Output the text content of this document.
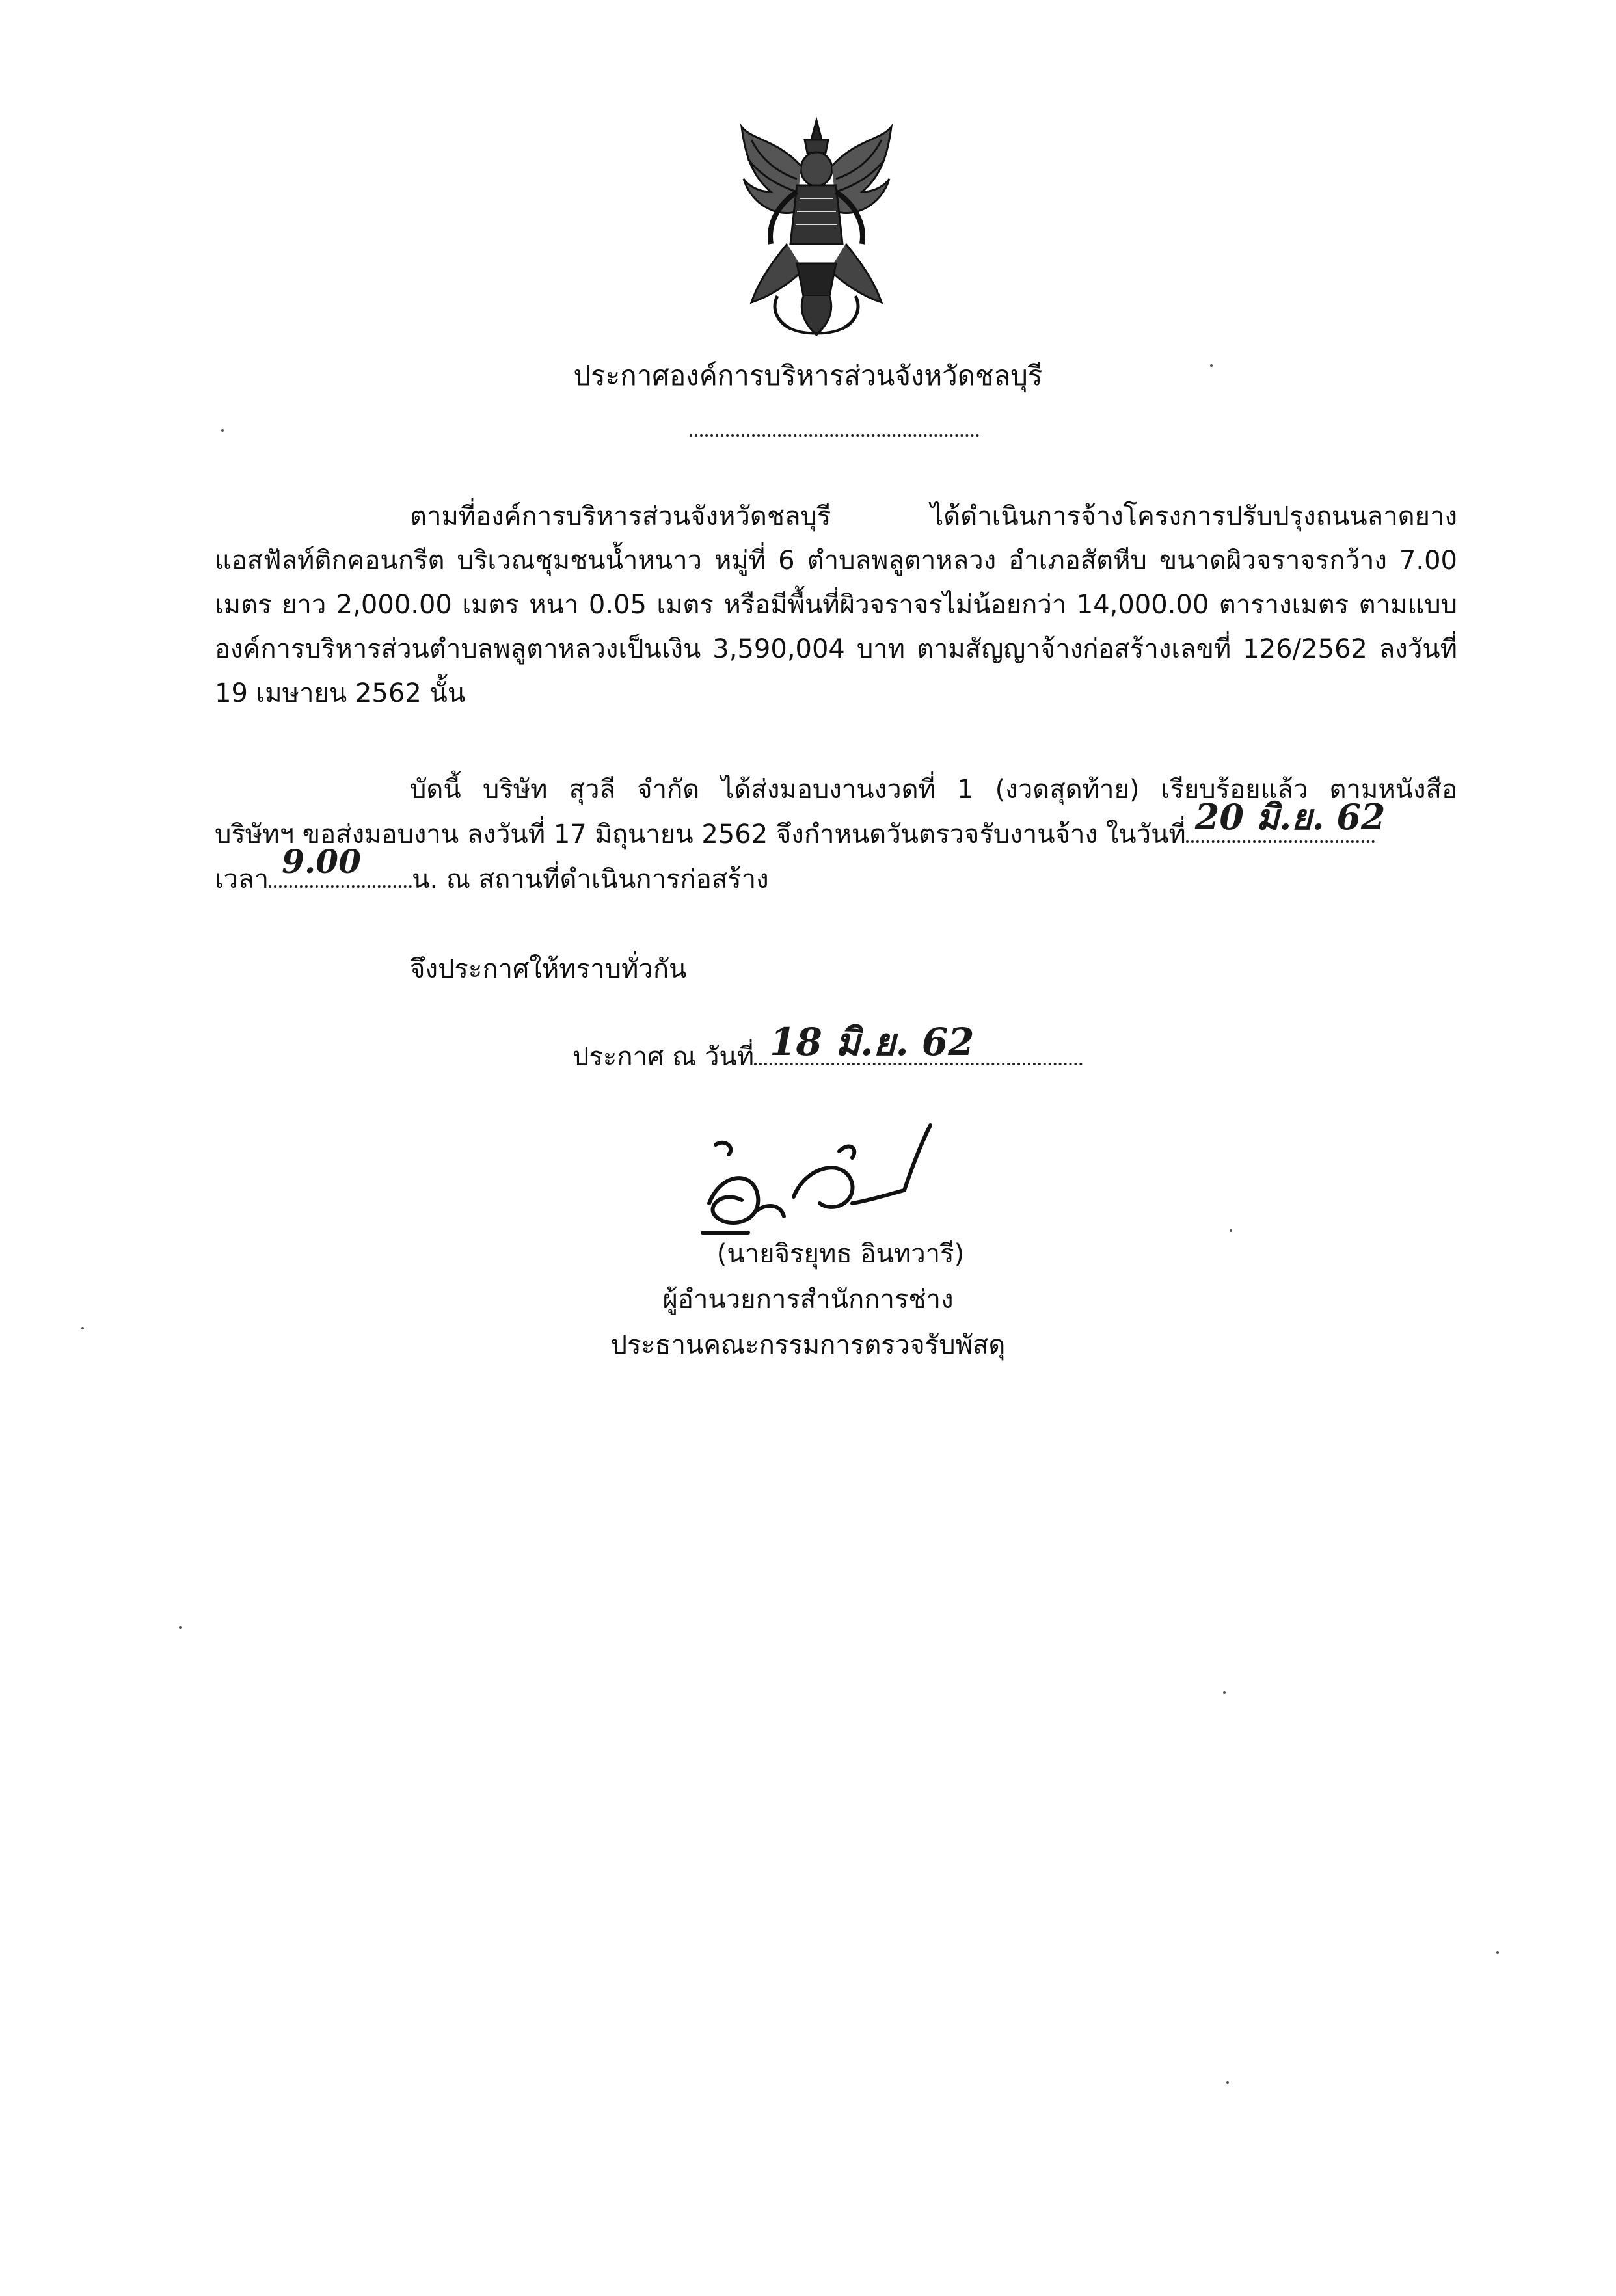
ประกาศองค์การบริหารส่วนจังหวัดชลบุรี
ตามที่องค์การบริหารส่วนจังหวัดชลบุรี ได้ดำเนินการจ้างโครงการปรับปรุงถนนลาดยาง
แอสฟัลท์ติกคอนกรีต บริเวณชุมชนน้ำหนาว หมู่ที่ 6 ตำบลพลูตาหลวง อำเภอสัตหีบ ขนาดผิวจราจรกว้าง 7.00
เมตร ยาว 2,000.00 เมตร หนา 0.05 เมตร หรือมีพื้นที่ผิวจราจรไม่น้อยกว่า 14,000.00 ตารางเมตร ตามแบบ
องค์การบริหารส่วนตำบลพลูตาหลวงเป็นเงิน 3,590,004 บาท ตามสัญญาจ้างก่อสร้างเลขที่ 126/2562 ลงวันที่
19 เมษายน 2562 นั้น
บัดนี้ บริษัท สุวลี จำกัด ได้ส่งมอบงานงวดที่ 1 (งวดสุดท้าย) เรียบร้อยแล้ว ตามหนังสือ
บริษัทฯ ขอส่งมอบงาน ลงวันที่ 17 มิถุนายน 2562 จึงกำหนดวันตรวจรับงานจ้าง ในวันที่ 20 มิ.ย. 62
เวลา 9.00 น. ณ สถานที่ดำเนินการก่อสร้าง
จึงประกาศให้ทราบทั่วกัน
ประกาศ ณ วันที่ 18 มิ.ย. 62
(นายจิรยุทธ อินทวารี)
ผู้อำนวยการสำนักการช่าง
ประธานคณะกรรมการตรวจรับพัสดุ
